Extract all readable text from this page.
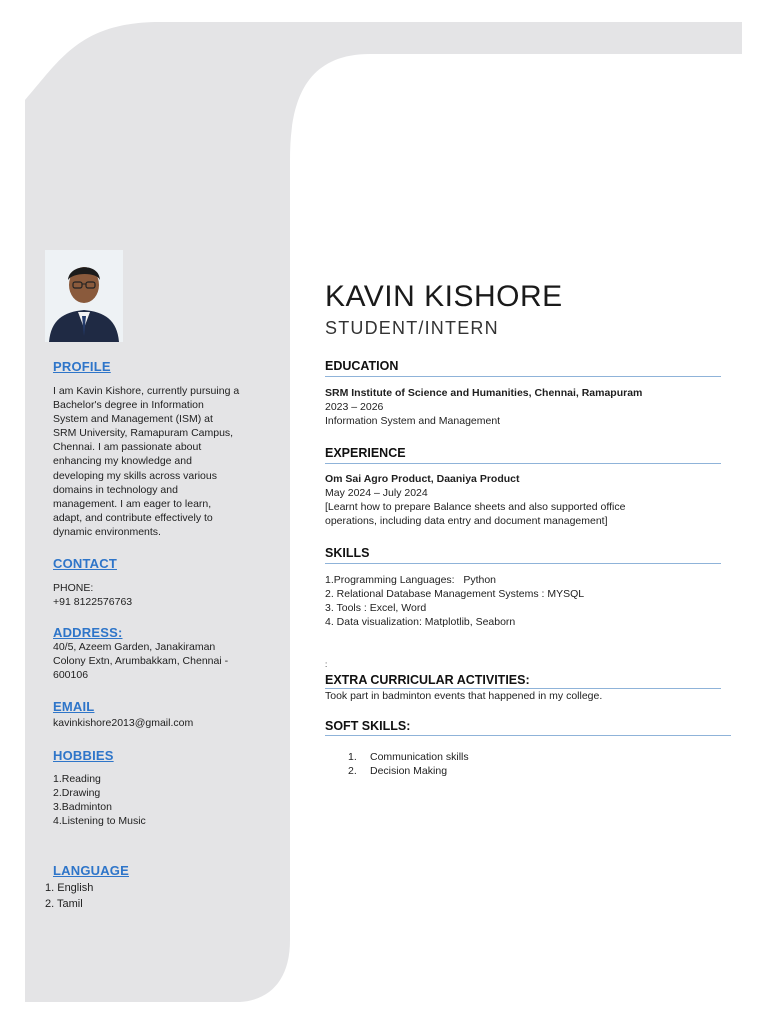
PROFILE
I am Kavin Kishore, currently pursuing a
Bachelor's degree in Information
System and Management (ISM) at
SRM University, Ramapuram Campus,
Chennai. I am passionate about
enhancing my knowledge and
developing my skills across various
domains in technology and
management. I am eager to learn,
adapt, and contribute effectively to
dynamic environments.
CONTACT
PHONE:
+91 8122576763
ADDRESS:
40/5, Azeem Garden, Janakiraman
Colony Extn, Arumbakkam, Chennai -
600106
EMAIL
kavinkishore2013@gmail.com
HOBBIES
1.Reading
2.Drawing
3.Badminton
4.Listening to Music
LANGUAGE
1. English
2. Tamil
KAVIN KISHORE
STUDENT/INTERN
EDUCATION
SRM Institute of Science and Humanities, Chennai, Ramapuram
2023 – 2026
Information System and Management
EXPERIENCE
Om Sai Agro Product, Daaniya Product
May 2024 – July 2024
[Learnt how to prepare Balance sheets and also supported office
operations, including data entry and document management]
SKILLS
1.Programming Languages:   Python
2. Relational Database Management Systems : MYSQL
3. Tools : Excel, Word
4. Data visualization: Matplotlib, Seaborn
:
EXTRA CURRICULAR ACTIVITIES:
Took part in badminton events that happened in my college.
SOFT SKILLS:
1. Communication skills
2. Decision Making
